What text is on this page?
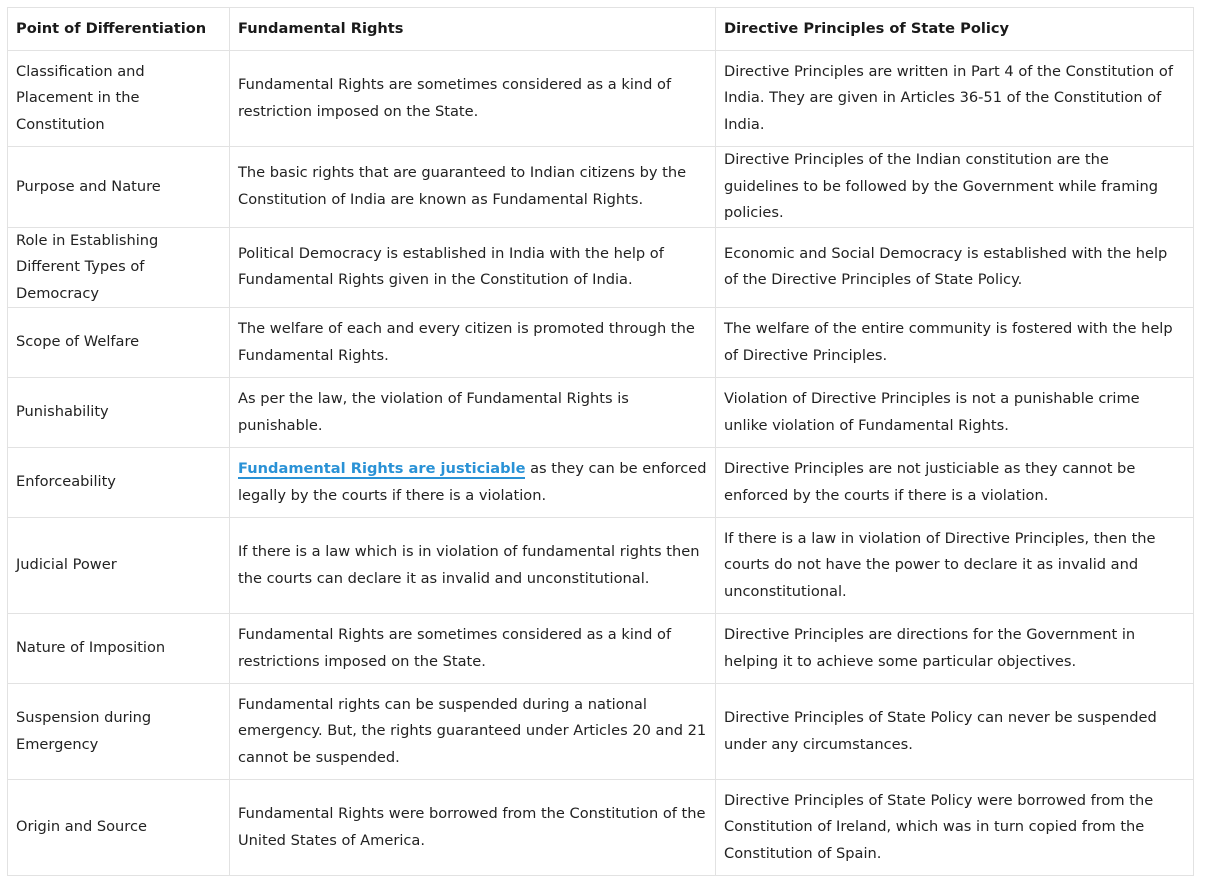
Point of Differentiation	Fundamental Rights	Directive Principles of State Policy
Classification and Placement in the Constitution	Fundamental Rights are sometimes considered as a kind of restriction imposed on the State.	Directive Principles are written in Part 4 of the Constitution of India. They are given in Articles 36-51 of the Constitution of India.
Purpose and Nature	The basic rights that are guaranteed to Indian citizens by the Constitution of India are known as Fundamental Rights.	Directive Principles of the Indian constitution are the guidelines to be followed by the Government while framing policies.
Role in Establishing Different Types of Democracy	Political Democracy is established in India with the help of Fundamental Rights given in the Constitution of India.	Economic and Social Democracy is established with the help of the Directive Principles of State Policy.
Scope of Welfare	The welfare of each and every citizen is promoted through the Fundamental Rights.	The welfare of the entire community is fostered with the help of Directive Principles.
Punishability	As per the law, the violation of Fundamental Rights is punishable.	Violation of Directive Principles is not a punishable crime unlike violation of Fundamental Rights.
Enforceability	Fundamental Rights are justiciable as they can be enforced legally by the courts if there is a violation.	Directive Principles are not justiciable as they cannot be enforced by the courts if there is a violation.
Judicial Power	If there is a law which is in violation of fundamental rights then the courts can declare it as invalid and unconstitutional.	If there is a law in violation of Directive Principles, then the courts do not have the power to declare it as invalid and unconstitutional.
Nature of Imposition	Fundamental Rights are sometimes considered as a kind of restrictions imposed on the State.	Directive Principles are directions for the Government in helping it to achieve some particular objectives.
Suspension during Emergency	Fundamental rights can be suspended during a national emergency. But, the rights guaranteed under Articles 20 and 21 cannot be suspended.	Directive Principles of State Policy can never be suspended under any circumstances.
Origin and Source	Fundamental Rights were borrowed from the Constitution of the United States of America.	Directive Principles of State Policy were borrowed from the Constitution of Ireland, which was in turn copied from the Constitution of Spain.
